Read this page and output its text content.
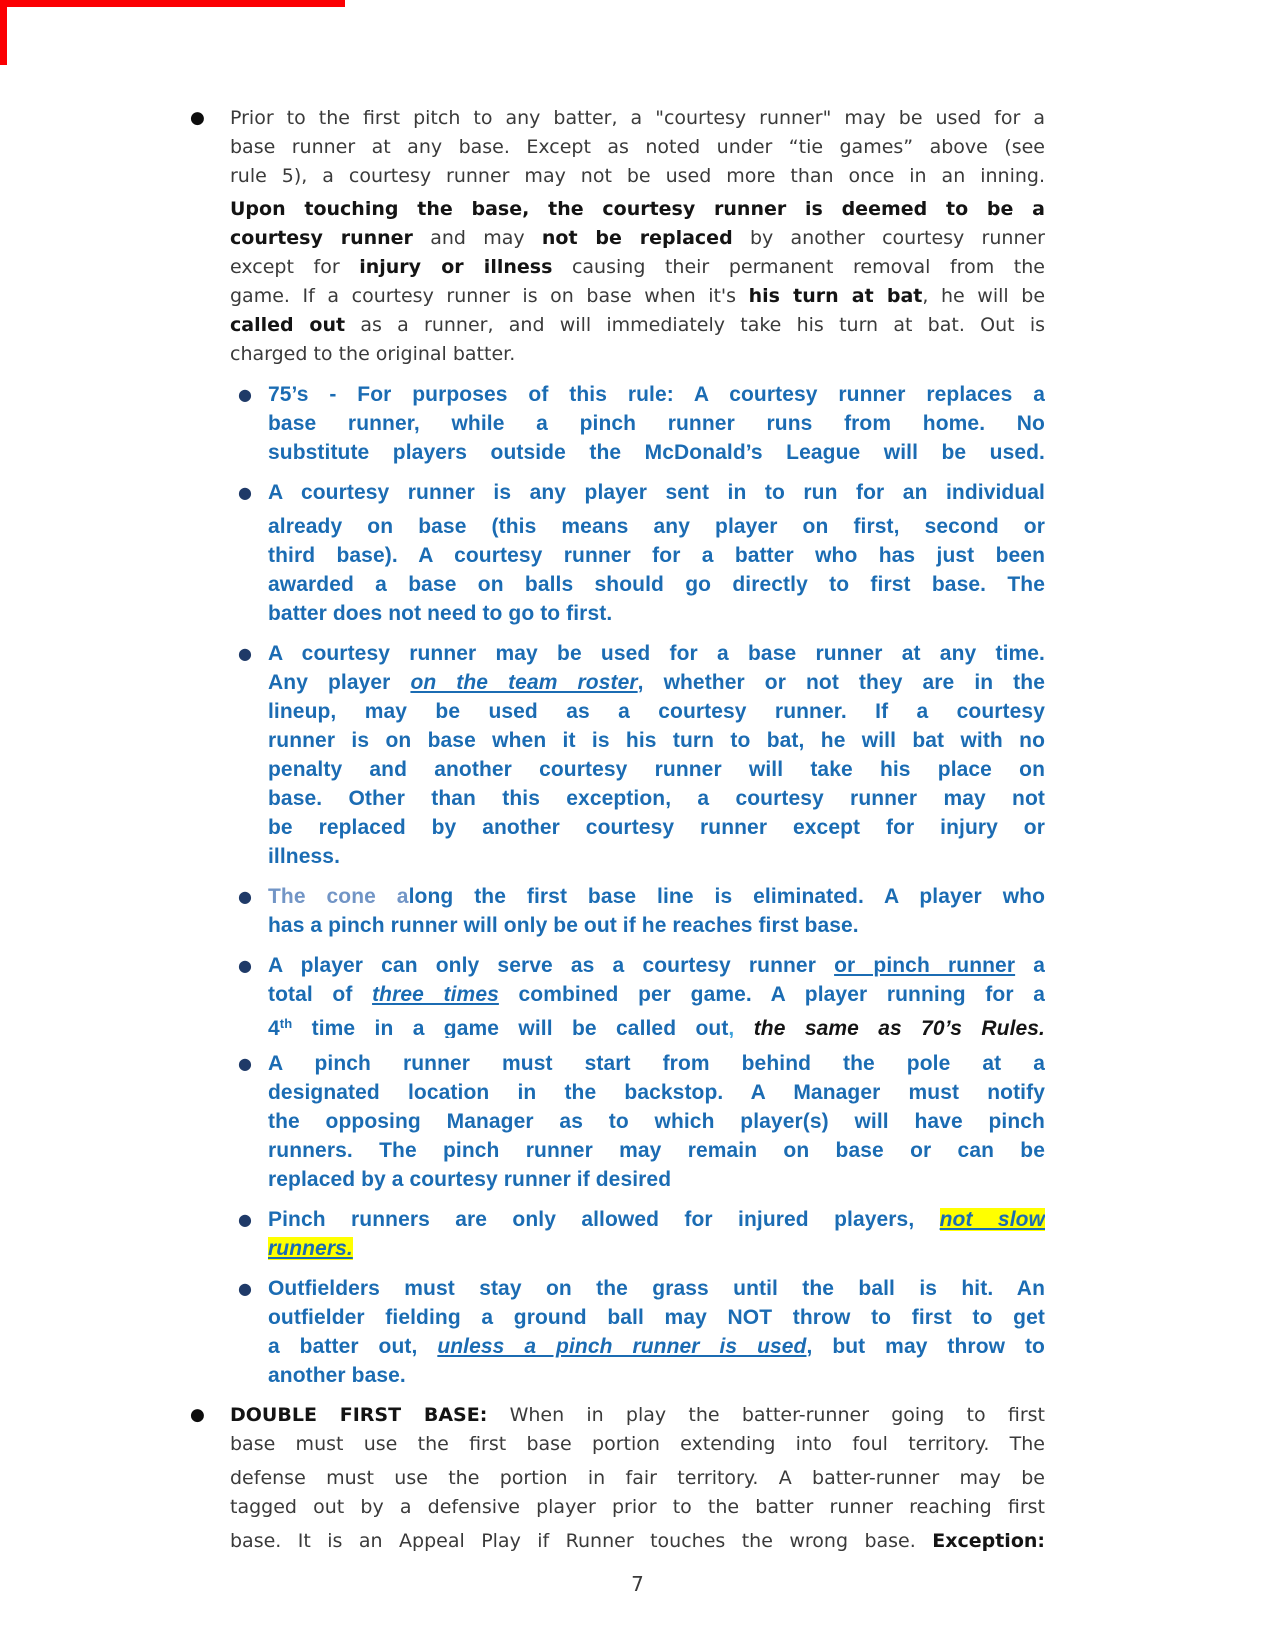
● Prior to the first pitch to any batter, a "courtesy runner" may be used for a
base runner at any base. Except as noted under “tie games” above (see
rule 5), a courtesy runner may not be used more than once in an inning.
Upon touching the base, the courtesy runner is deemed to be a
courtesy runner and may not be replaced by another courtesy runner
except for injury or illness causing their permanent removal from the
game. If a courtesy runner is on base when it's his turn at bat, he will be
called out as a runner, and will immediately take his turn at bat. Out is
charged to the original batter.
● 75’s - For purposes of this rule: A courtesy runner replaces a
base runner, while a pinch runner runs from home. No
substitute players outside the McDonald’s League will be used.
● A courtesy runner is any player sent in to run for an individual
already on base (this means any player on first, second or
third base). A courtesy runner for a batter who has just been
awarded a base on balls should go directly to first base. The
batter does not need to go to first.
● A courtesy runner may be used for a base runner at any time.
Any player on the team roster, whether or not they are in the
lineup, may be used as a courtesy runner. If a courtesy
runner is on base when it is his turn to bat, he will bat with no
penalty and another courtesy runner will take his place on
base. Other than this exception, a courtesy runner may not
be replaced by another courtesy runner except for injury or
illness.
● The cone along the first base line is eliminated. A player who
has a pinch runner will only be out if he reaches first base.
● A player can only serve as a courtesy runner or pinch runner a
total of three times combined per game. A player running for a
4th time in a game will be called out, the same as 70’s Rules.
● A pinch runner must start from behind the pole at a
designated location in the backstop. A Manager must notify
the opposing Manager as to which player(s) will have pinch
runners. The pinch runner may remain on base or can be
replaced by a courtesy runner if desired
● Pinch runners are only allowed for injured players, not slow
runners.
● Outfielders must stay on the grass until the ball is hit. An
outfielder fielding a ground ball may NOT throw to first to get
a batter out, unless a pinch runner is used, but may throw to
another base.
● DOUBLE FIRST BASE: When in play the batter-runner going to first
base must use the first base portion extending into foul territory. The
defense must use the portion in fair territory. A batter-runner may be
tagged out by a defensive player prior to the batter runner reaching first
base. It is an Appeal Play if Runner touches the wrong base. Exception:
7
